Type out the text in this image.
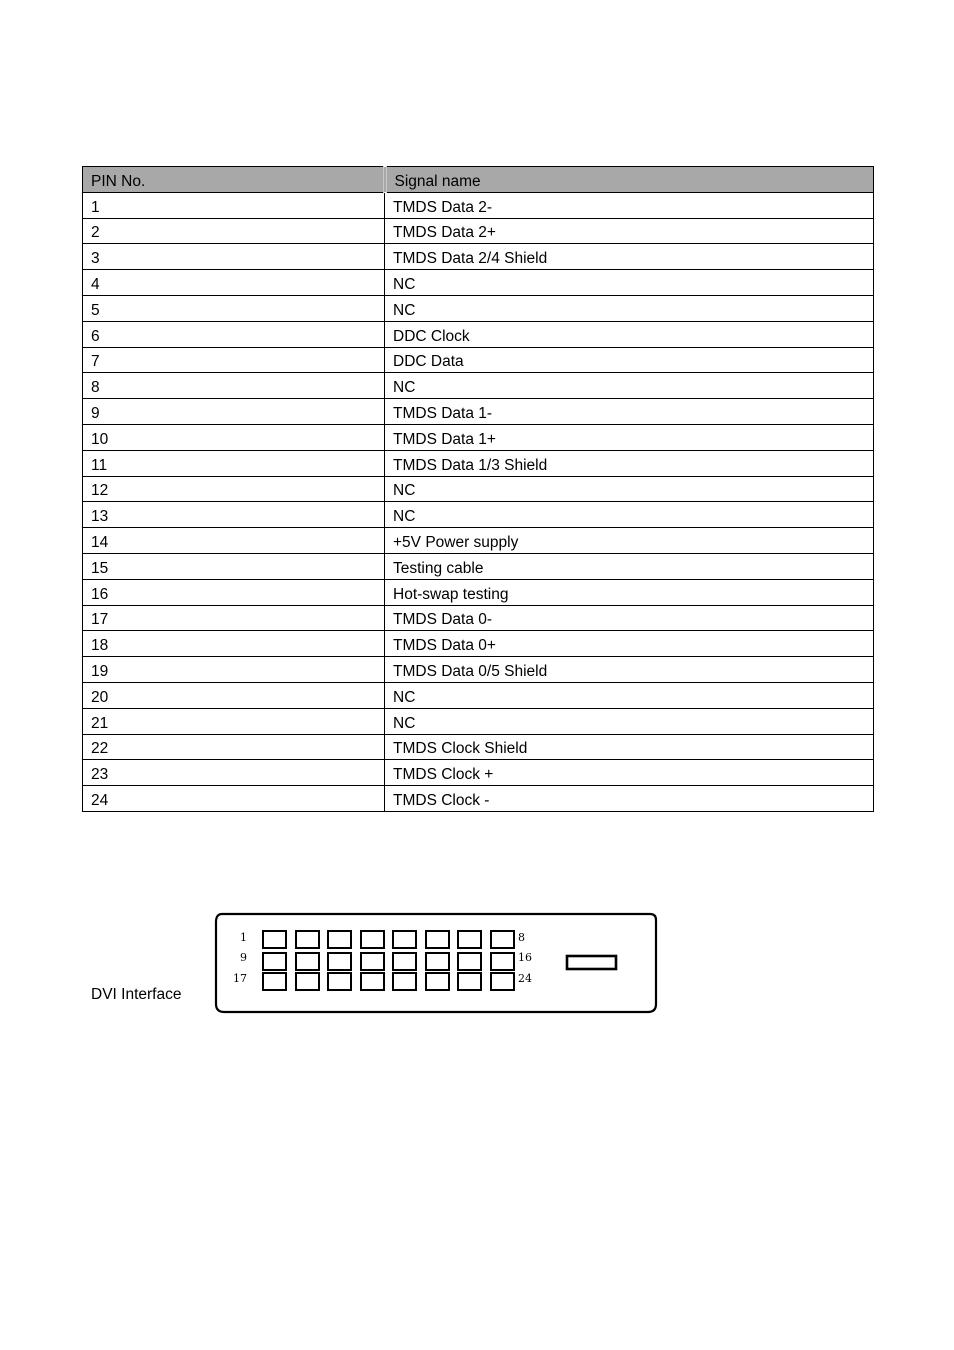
PIN No.	Signal name
1	TMDS Data 2-
2	TMDS Data 2+
3	TMDS Data 2/4 Shield
4	NC
5	NC
6	DDC Clock
7	DDC Data
8	NC
9	TMDS Data 1-
10	TMDS Data 1+
11	TMDS Data 1/3 Shield
12	NC
13	NC
14	+5V Power supply
15	Testing cable
16	Hot-swap testing
17	TMDS Data 0-
18	TMDS Data 0+
19	TMDS Data 0/5 Shield
20	NC
21	NC
22	TMDS Clock Shield
23	TMDS Clock +
24	TMDS Clock -
DVI Interface
1	8
9	16
17	24
